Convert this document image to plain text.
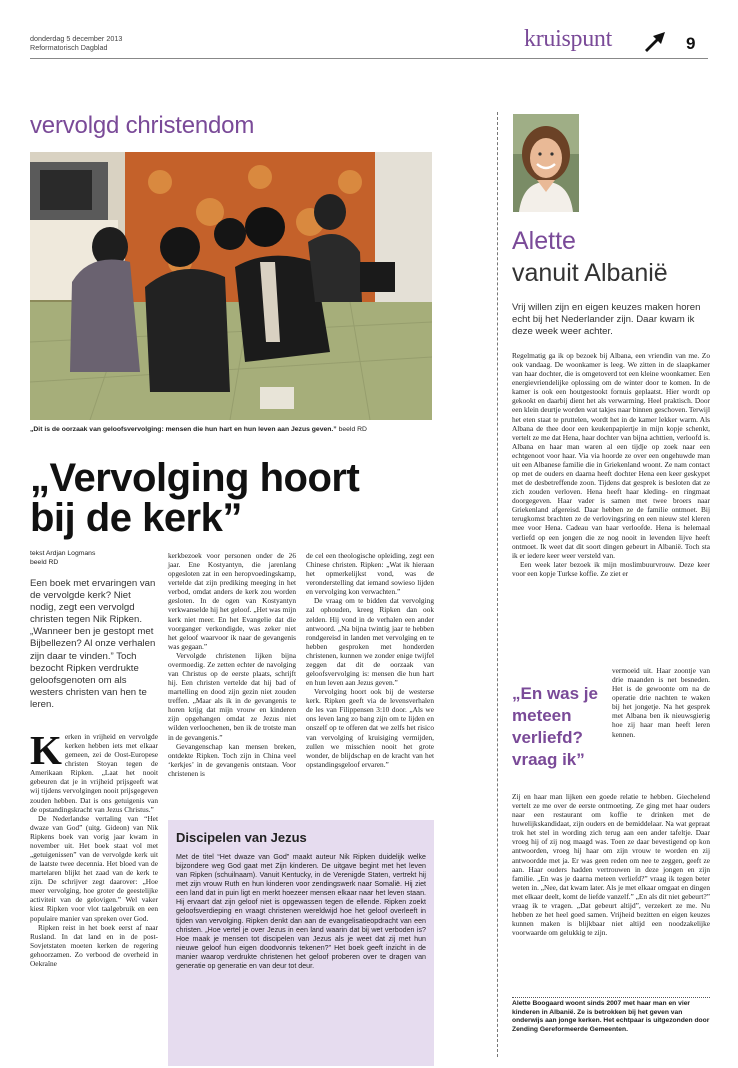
donderdag 5 december 2013
Reformatorisch Dagblad	kruispunt	9
vervolgd christendom
„Dit is de oorzaak van geloofsvervolging: mensen die hun hart en hun leven aan Jezus geven.” beeld RD
„Vervolging hoort
bij de kerk”
tekst Ardjan Logmans
beeld RD
Een boek met ervaringen van de vervolgde kerk? Niet nodig, zegt een vervolgd christen tegen Nik Ripken. „Wanneer ben je gestopt met Bijbellezen? Al onze verhalen zijn daar te vinden.” Toch bezocht Ripken verdrukte geloofsgenoten om als westers christen van hen te leren.

Kerken in vrijheid en vervolgde kerken hebben iets met elkaar gemeen, zei de Oost-Europese christen Stoyan tegen de Amerikaan Ripken. „Laat het nooit gebeuren dat je in vrijheid prijsgeeft wat wij tijdens vervolgingen nooit prijsgegeven zouden hebben. Dat is ons getuigenis van de opstandingskracht van Jezus Christus.”

De Nederlandse vertaling van “Het dwaze van God” (uitg. Gideon) van Nik Ripkens boek van vorig jaar kwam in november uit. Het boek staat vol met „getuigenissen” van de vervolgde kerk uit de laatste twee decennia. Het bloed van de martelaren blijkt het zaad van de kerk te zijn. De schrijver zegt daarover: „Hoe meer vervolging, hoe groter de geestelijke activiteit van de gelovigen.” Wel vaker kiest Ripken voor vlot taalgebruik en een populaire manier van spreken over God.

Ripken reist in het boek eerst af naar Rusland. In dat land en in de post-Sovjetstaten moeten kerken de regering gehoorzamen. Zo verbood de overheid in Oekraïne

kerkbezoek voor personen onder de 26 jaar. Ene Kostyantyn, die jarenlang opgesloten zat in een heropvoedingskamp, vertelde dat zijn prediking meeging in het verbod, omdat anders de kerk zou worden gesloten. In de ogen van Kostyantyn verkwanselde hij het geloof. „Het was mijn kerk niet meer. En het Evangelie dat die voorganger verkondigde, was zeker niet het geloof waarvoor ik naar de gevangenis was gegaan.”

Vervolgde christenen lijken bijna overmoedig. Ze zetten echter de navolging van Christus op de eerste plaats, schrijft hij. Een christen vertelde dat hij bad of martelling en dood zijn gezin niet zouden treffen. „Maar als ik in de gevangenis te horen krijg dat mijn vrouw en kinderen zijn opgehangen omdat ze Jezus niet wilden verloochenen, ben ik de trotste man in de gevangenis.”

Gevangenschap kan mensen breken, ontdekte Ripken. Toch zijn in China veel ‘kerkjes’ in de gevangenis ontstaan. Voor christenen is

de cel een theologische opleiding, zegt een Chinese christen. Ripken: „Wat ik hieraan het opmerkelijkst vond, was de veronderstelling dat iemand sowieso lijden en vervolging kon verwachten.”

De vraag om te bidden dat vervolging zal ophouden, kreeg Ripken dan ook zelden. Hij vond in de verhalen een ander antwoord. „Na bijna twintig jaar te hebben rondgereisd in landen met vervolging en te hebben gesproken met honderden christenen, kunnen we zonder enige twijfel zeggen dat dit de oorzaak van geloofsvervolging is: mensen die hun hart en hun leven aan Jezus geven.”

Vervolging hoort ook bij de westerse kerk. Ripken geeft via de levensverhalen de les van Filippensen 3:10 door. „Als we ons leven lang zo bang zijn om te lijden en onszelf op te offeren dat we zelfs het risico van vervolging of kruisiging vermijden, zullen we misschien nooit het grote wonder, de blijdschap en de kracht van het opstandingsgeloof ervaren.”

Discipelen van Jezus
Met de titel “Het dwaze van God” maakt auteur Nik Ripken duidelijk welke bijzondere weg God gaat met Zijn kinderen. De uitgave begint met het leven van Ripken (schuilnaam). Vanuit Kentucky, in de Verenigde Staten, vertrekt hij met zijn vrouw Ruth en hun kinderen voor zendingswerk naar Somalië. Hij ziet een land dat in puin ligt en merkt hoezeer mensen elkaar naar het leven staan. Hij ervaart dat zijn geloof niet is opgewassen tegen de ellende. Ripken zoekt geloofsverdieping en vraagt christenen wereldwijd hoe het geloof overleeft in tijden van vervolging. Ripken denkt dan aan de evangelisatieopdracht van een christen. „Hoe vertel je over Jezus in een land waarin dat bij wet verboden is? Hoe maak je mensen tot discipelen van Jezus als je weet dat zij met hun nieuwe geloof hun eigen doodvonnis tekenen?” Het boek geeft inzicht in de manier waarop verdrukte christenen het geloof proberen over te dragen van generatie op generatie en van deur tot deur.
Alette
vanuit Albanië
Vrij willen zijn en eigen keuzes maken horen echt bij het Nederlander zijn. Daar kwam ik deze week weer achter.

Regelmatig ga ik op bezoek bij Albana, een vriendin van me. Zo ook vandaag. De woonkamer is leeg. We zitten in de slaapkamer van haar dochter, die is omgetoverd tot een kleine woonkamer. Een energievriendelijke oplossing om de winter door te komen. In de kamer is ook een houtgestookt fornuis geplaatst. Hier wordt op gekookt en daarbij dient het als verwarming. Heel praktisch. Door een klein deurtje worden wat takjes naar binnen geschoven. Terwijl het eten staat te pruttelen, wordt het in de kamer lekker warm. Als Albana de thee door een keukenpapiertje in mijn kopje schenkt, vertelt ze me dat Hena, haar dochter van bijna achttien, verloofd is. Albana en haar man waren al een tijdje op zoek naar een echtgenoot voor haar. Via via hoorde ze over een ongehuwde man uit een Albanese familie die in Griekenland woont. Ze nam contact op met de ouders en daarna heeft dochter Hena een keer geskypet met de desbetreffende zoon. Tijdens dat gesprek is besloten dat ze zich zouden verloven. Hena heeft haar kleding- en ringmaat doorgegeven. Haar vader is samen met twee broers naar Griekenland afgereisd. Daar hebben ze de familie ontmoet. Bij terugkomst brachten ze de verlovingsring en een nieuw stel kleren mee voor Hena. Cadeau van haar verloofde. Hena is helemaal verliefd op een jongen die ze nog nooit in levenden lijve heeft ontmoet. Ik weet dat dit soort dingen gebeurt in Albanië. Toch sta ik er iedere keer weer versteld van.

Een week later bezoek ik mijn moslimbuurvrouw. Deze keer voor een kopje Turkse koffie. Ze ziet er

„En was je meteen verliefd? vraag ik”

vermoeid uit. Haar zoontje van drie maanden is net besneden. Het is de gewoonte om na de operatie drie nachten te waken bij het jongetje. Na het gesprek met Albana ben ik nieuwsgierig hoe zij haar man heeft leren kennen.

Zij en haar man lijken een goede relatie te hebben. Giechelend vertelt ze me over de eerste ontmoeting. Ze ging met haar ouders naar een restaurant om koffie te drinken met de huwelijkskandidaat, zijn ouders en de bemiddelaar. Na wat gepraat trok het stel in wording zich terug aan een ander tafeltje. Daar vroeg hij of zij nog maagd was. Toen ze daar bevestigend op kon antwoorden, vroeg hij haar om zijn vrouw te worden en zij antwoordde met ja. Er was geen reden om nee te zeggen, geeft ze aan. Haar ouders hadden vertrouwen in deze jongen en zijn familie. „En was je daarna meteen verliefd?” vraag ik tegen beter weten in. „Nee, dat kwam later. Als je met elkaar omgaat en dingen met elkaar deelt, komt de liefde vanzelf.” „En als dit niet gebeurt?” vraag ik te vragen. „Dat gebeurt altijd”, verzekert ze me. Nu hebben ze het heel goed samen. Vrijheid bezitten en eigen keuzes kunnen maken is blijkbaar niet altijd een noodzakelijke voorwaarde om gelukkig te zijn.

Alette Boogaard woont sinds 2007 met haar man en vier kinderen in Albanië. Ze is betrokken bij het geven van onderwijs aan jonge kerken. Het echtpaar is uitgezonden door Zending Gereformeerde Gemeenten.
